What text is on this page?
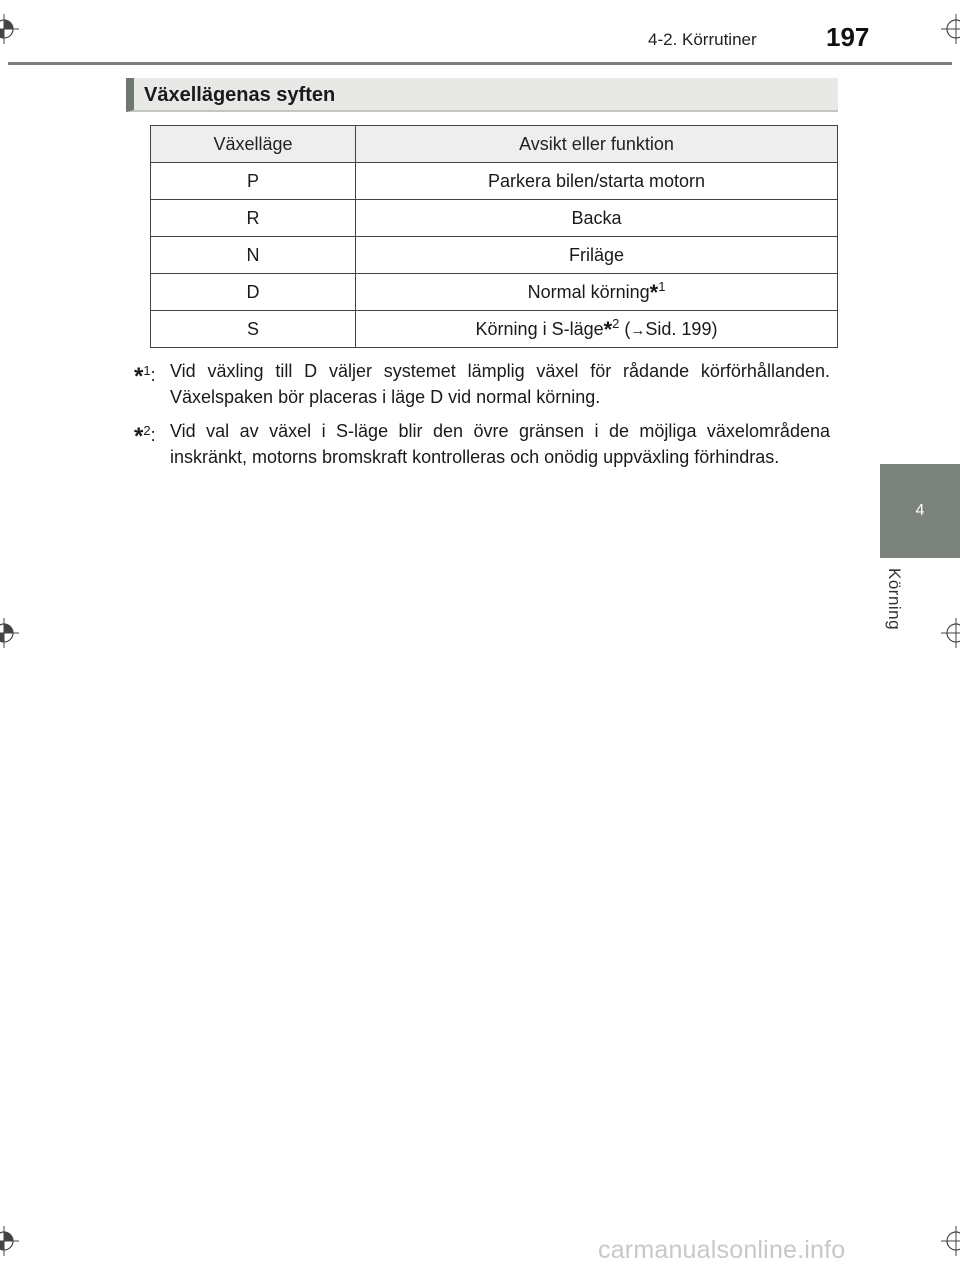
4-2. Körrutiner	197
4
Körning
Växellägenas syften
Växelläge	Avsikt eller funktion
P	Parkera bilen/starta motorn
R	Backa
N	Friläge
D	Normal körning*$^1$
S	Körning i S-läge*$^2$ (→Sid. 199)
*$^1$: Vid växling till D väljer systemet lämplig växel för rådande körförhållanden. Växelspaken bör placeras i läge D vid normal körning.
*$^2$: Vid val av växel i S-läge blir den övre gränsen i de möjliga växelområdena inskränkt, motorns bromskraft kontrolleras och onödig uppväxling förhindras.
carmanualsonline.info
